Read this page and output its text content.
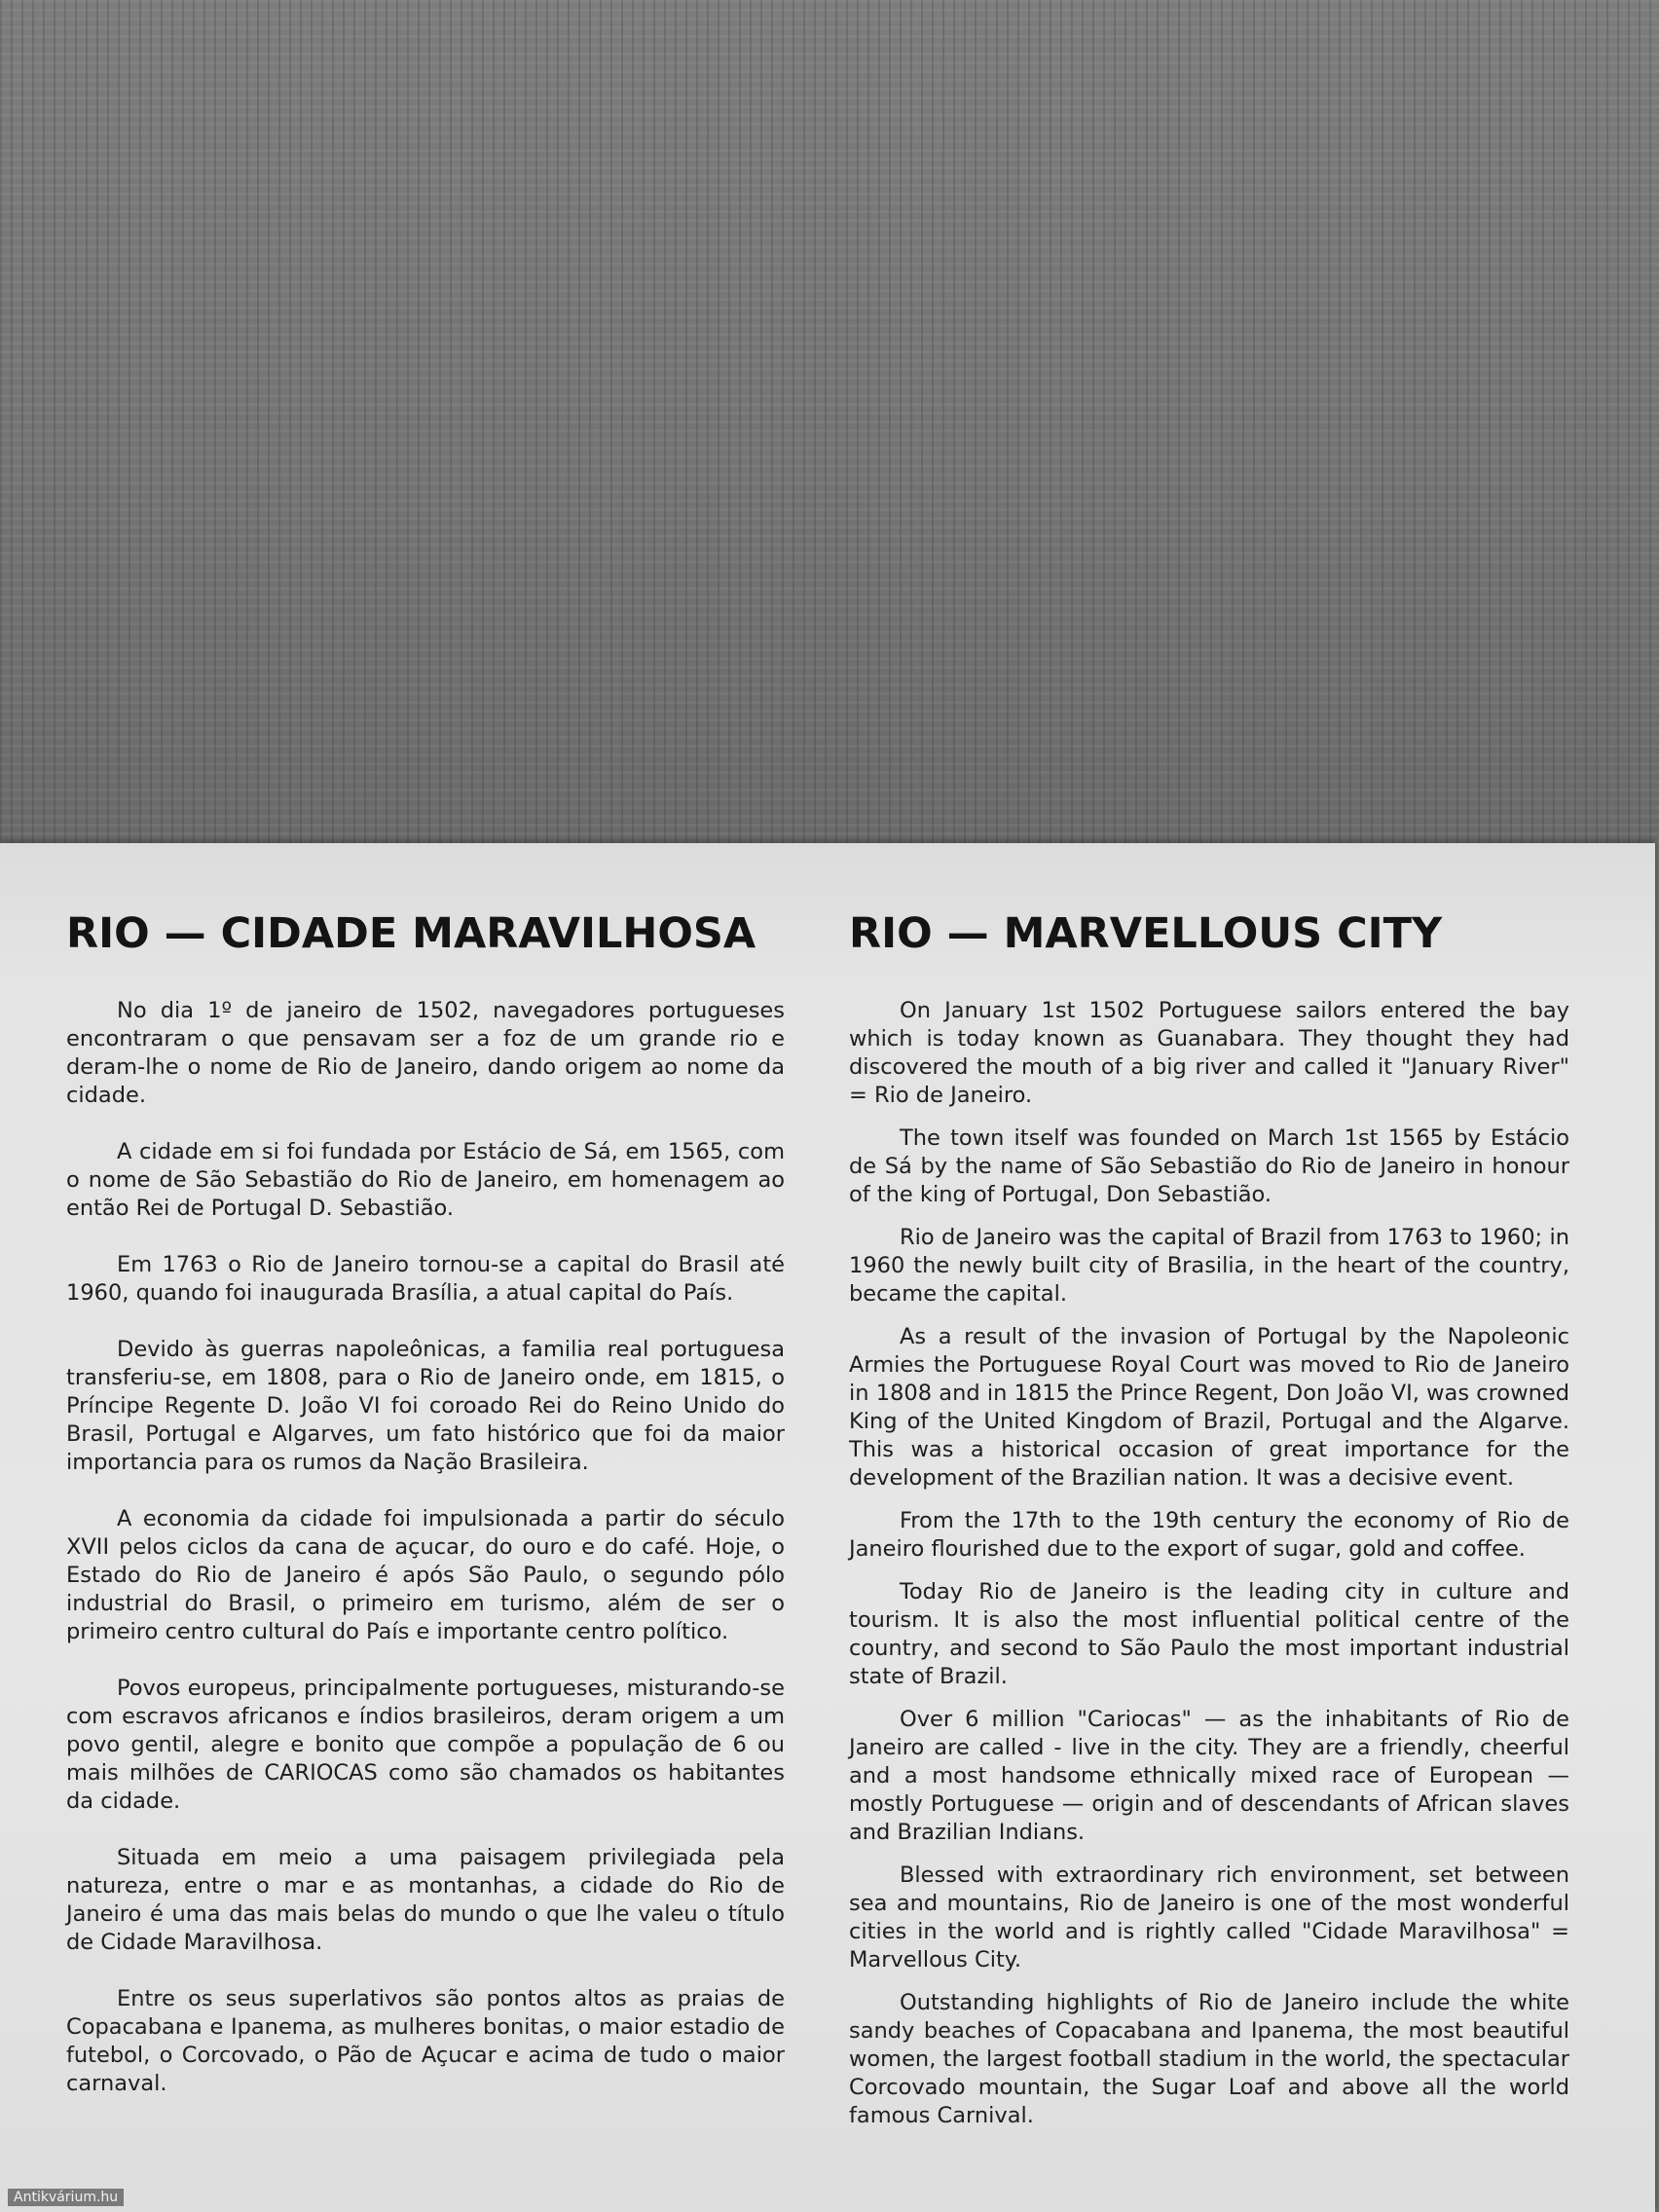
RIO — CIDADE MARAVILHOSA

No dia 1º de janeiro de 1502, navegadores portugueses encontraram o que pensavam ser a foz de um grande rio e deram-lhe o nome de Rio de Janeiro, dando origem ao nome da cidade.

A cidade em si foi fundada por Estácio de Sá, em 1565, com o nome de São Sebastião do Rio de Janeiro, em homenagem ao então Rei de Portugal D. Sebastião.

Em 1763 o Rio de Janeiro tornou-se a capital do Brasil até 1960, quando foi inaugurada Brasília, a atual capital do País.

Devido às guerras napoleônicas, a familia real portuguesa transferiu-se, em 1808, para o Rio de Janeiro onde, em 1815, o Príncipe Regente D. João VI foi coroado Rei do Reino Unido do Brasil, Portugal e Algarves, um fato histórico que foi da maior importancia para os rumos da Nação Brasileira.

A economia da cidade foi impulsionada a partir do século XVII pelos ciclos da cana de açucar, do ouro e do café. Hoje, o Estado do Rio de Janeiro é após São Paulo, o segundo pólo industrial do Brasil, o primeiro em turismo, além de ser o primeiro centro cultural do País e importante centro político.

Povos europeus, principalmente portugueses, misturando-se com escravos africanos e índios brasileiros, deram origem a um povo gentil, alegre e bonito que compõe a população de 6 ou mais milhões de CARIOCAS como são chamados os habitantes da cidade.

Situada em meio a uma paisagem privilegiada pela natureza, entre o mar e as montanhas, a cidade do Rio de Janeiro é uma das mais belas do mundo o que lhe valeu o título de Cidade Maravilhosa.

Entre os seus superlativos são pontos altos as praias de Copacabana e Ipanema, as mulheres bonitas, o maior estadio de futebol, o Corcovado, o Pão de Açucar e acima de tudo o maior carnaval.

RIO — MARVELLOUS CITY

On January 1st 1502 Portuguese sailors entered the bay which is today known as Guanabara. They thought they had discovered the mouth of a big river and called it "January River" = Rio de Janeiro.

The town itself was founded on March 1st 1565 by Estácio de Sá by the name of São Sebastião do Rio de Janeiro in honour of the king of Portugal, Don Sebastião.

Rio de Janeiro was the capital of Brazil from 1763 to 1960; in 1960 the newly built city of Brasilia, in the heart of the country, became the capital.

As a result of the invasion of Portugal by the Napoleonic Armies the Portuguese Royal Court was moved to Rio de Janeiro in 1808 and in 1815 the Prince Regent, Don João VI, was crowned King of the United Kingdom of Brazil, Portugal and the Algarve. This was a historical occasion of great importance for the development of the Brazilian nation. It was a decisive event.

From the 17th to the 19th century the economy of Rio de Janeiro flourished due to the export of sugar, gold and coffee.

Today Rio de Janeiro is the leading city in culture and tourism. It is also the most influential political centre of the country, and second to São Paulo the most important industrial state of Brazil.

Over 6 million "Cariocas" — as the inhabitants of Rio de Janeiro are called - live in the city. They are a friendly, cheerful and a most handsome ethnically mixed race of European — mostly Portuguese — origin and of descendants of African slaves and Brazilian Indians.

Blessed with extraordinary rich environment, set between sea and mountains, Rio de Janeiro is one of the most wonderful cities in the world and is rightly called "Cidade Maravilhosa" = Marvellous City.

Outstanding highlights of Rio de Janeiro include the white sandy beaches of Copacabana and Ipanema, the most beautiful women, the largest football stadium in the world, the spectacular Corcovado mountain, the Sugar Loaf and above all the world famous Carnival.

Antikvárium.hu
